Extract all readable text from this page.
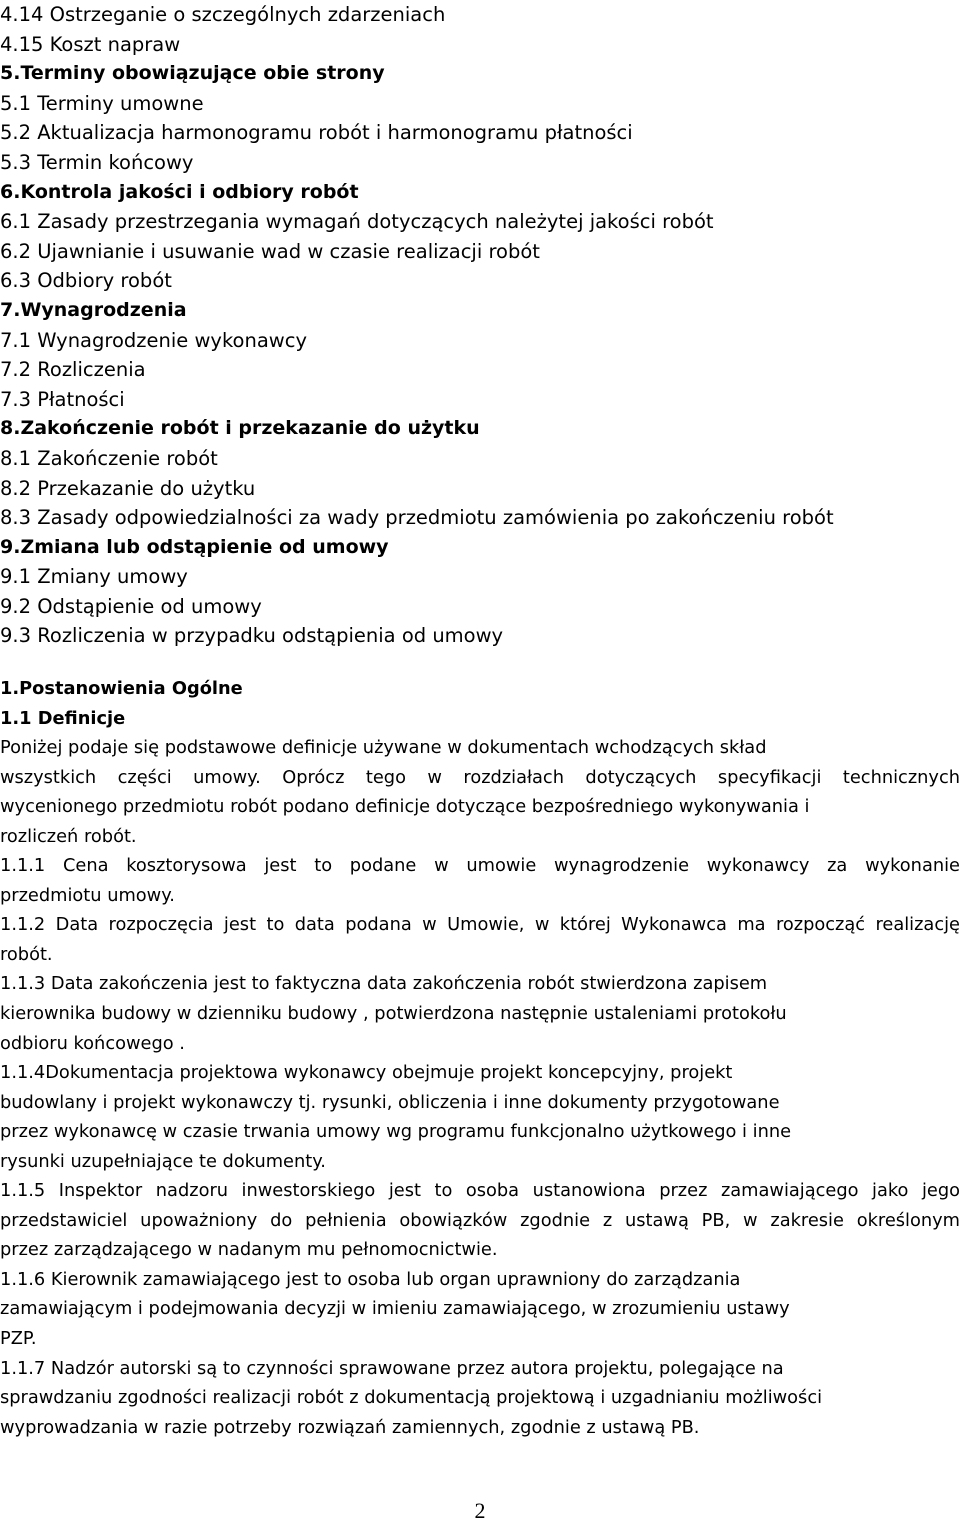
4.14 Ostrzeganie o szczególnych zdarzeniach
4.15 Koszt napraw
5.Terminy obowiązujące obie strony
5.1 Terminy umowne
5.2 Aktualizacja harmonogramu robót i harmonogramu płatności
5.3 Termin końcowy
6.Kontrola jakości i odbiory robót
6.1 Zasady przestrzegania wymagań dotyczących należytej jakości robót
6.2 Ujawnianie i usuwanie wad w czasie realizacji robót
6.3 Odbiory robót
7.Wynagrodzenia
7.1 Wynagrodzenie wykonawcy
7.2 Rozliczenia
7.3 Płatności
8.Zakończenie robót i przekazanie do użytku
8.1 Zakończenie robót
8.2 Przekazanie do użytku
8.3 Zasady odpowiedzialności za wady przedmiotu zamówienia po zakończeniu robót
9.Zmiana lub odstąpienie od umowy
9.1 Zmiany umowy
9.2 Odstąpienie od umowy
9.3 Rozliczenia w przypadku odstąpienia od umowy
1.Postanowienia Ogólne
1.1 Definicje
Poniżej podaje się podstawowe definicje używane w dokumentach wchodzących skład
wszystkich części umowy. Oprócz tego w rozdziałach dotyczących specyfikacji technicznych
wycenionego przedmiotu robót podano definicje dotyczące bezpośredniego wykonywania i
rozliczeń robót.
1.1.1 Cena kosztorysowa jest to podane w umowie wynagrodzenie wykonawcy za wykonanie
przedmiotu umowy.
1.1.2 Data rozpoczęcia jest to data podana w Umowie, w której Wykonawca ma rozpocząć realizację
robót.
1.1.3 Data zakończenia jest to faktyczna data zakończenia robót stwierdzona zapisem
kierownika budowy w dzienniku budowy , potwierdzona następnie ustaleniami protokołu
odbioru końcowego .
1.1.4Dokumentacja projektowa wykonawcy obejmuje projekt koncepcyjny, projekt
budowlany i projekt wykonawczy tj. rysunki, obliczenia i inne dokumenty przygotowane
przez wykonawcę w czasie trwania umowy wg programu funkcjonalno użytkowego i inne
rysunki uzupełniające te dokumenty.
1.1.5 Inspektor nadzoru inwestorskiego jest to osoba ustanowiona przez zamawiającego jako jego
przedstawiciel upoważniony do pełnienia obowiązków zgodnie z ustawą PB, w zakresie określonym
przez zarządzającego w nadanym mu pełnomocnictwie.
1.1.6 Kierownik zamawiającego jest to osoba lub organ uprawniony do zarządzania
zamawiającym i podejmowania decyzji w imieniu zamawiającego, w zrozumieniu ustawy
PZP.
1.1.7 Nadzór autorski są to czynności sprawowane przez autora projektu, polegające na
sprawdzaniu zgodności realizacji robót z dokumentacją projektową i uzgadnianiu możliwości
wyprowadzania w razie potrzeby rozwiązań zamiennych, zgodnie z ustawą PB.
2
